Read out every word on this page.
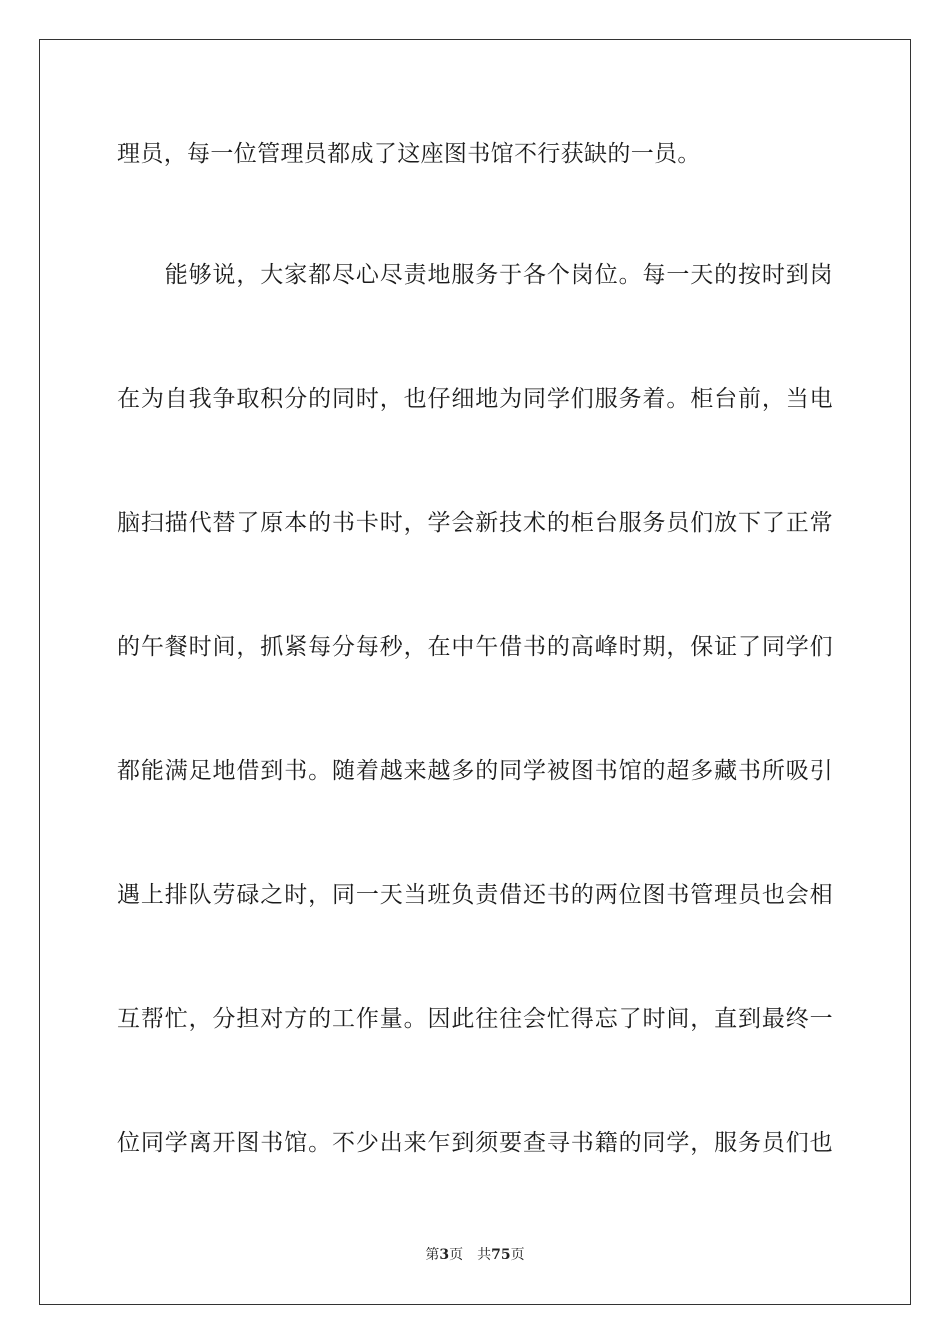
理员，每一位管理员都成了这座图书馆不行获缺的一员。
　　能够说，大家都尽心尽责地服务于各个岗位。每一天的按时到岗
在为自我争取积分的同时，也仔细地为同学们服务着。柜台前，当电
脑扫描代替了原本的书卡时，学会新技术的柜台服务员们放下了正常
的午餐时间，抓紧每分每秒，在中午借书的高峰时期，保证了同学们
都能满足地借到书。随着越来越多的同学被图书馆的超多藏书所吸引
遇上排队劳碌之时，同一天当班负责借还书的两位图书管理员也会相
互帮忙，分担对方的工作量。因此往往会忙得忘了时间，直到最终一
位同学离开图书馆。不少出来乍到须要查寻书籍的同学，服务员们也
第3页 共75页
